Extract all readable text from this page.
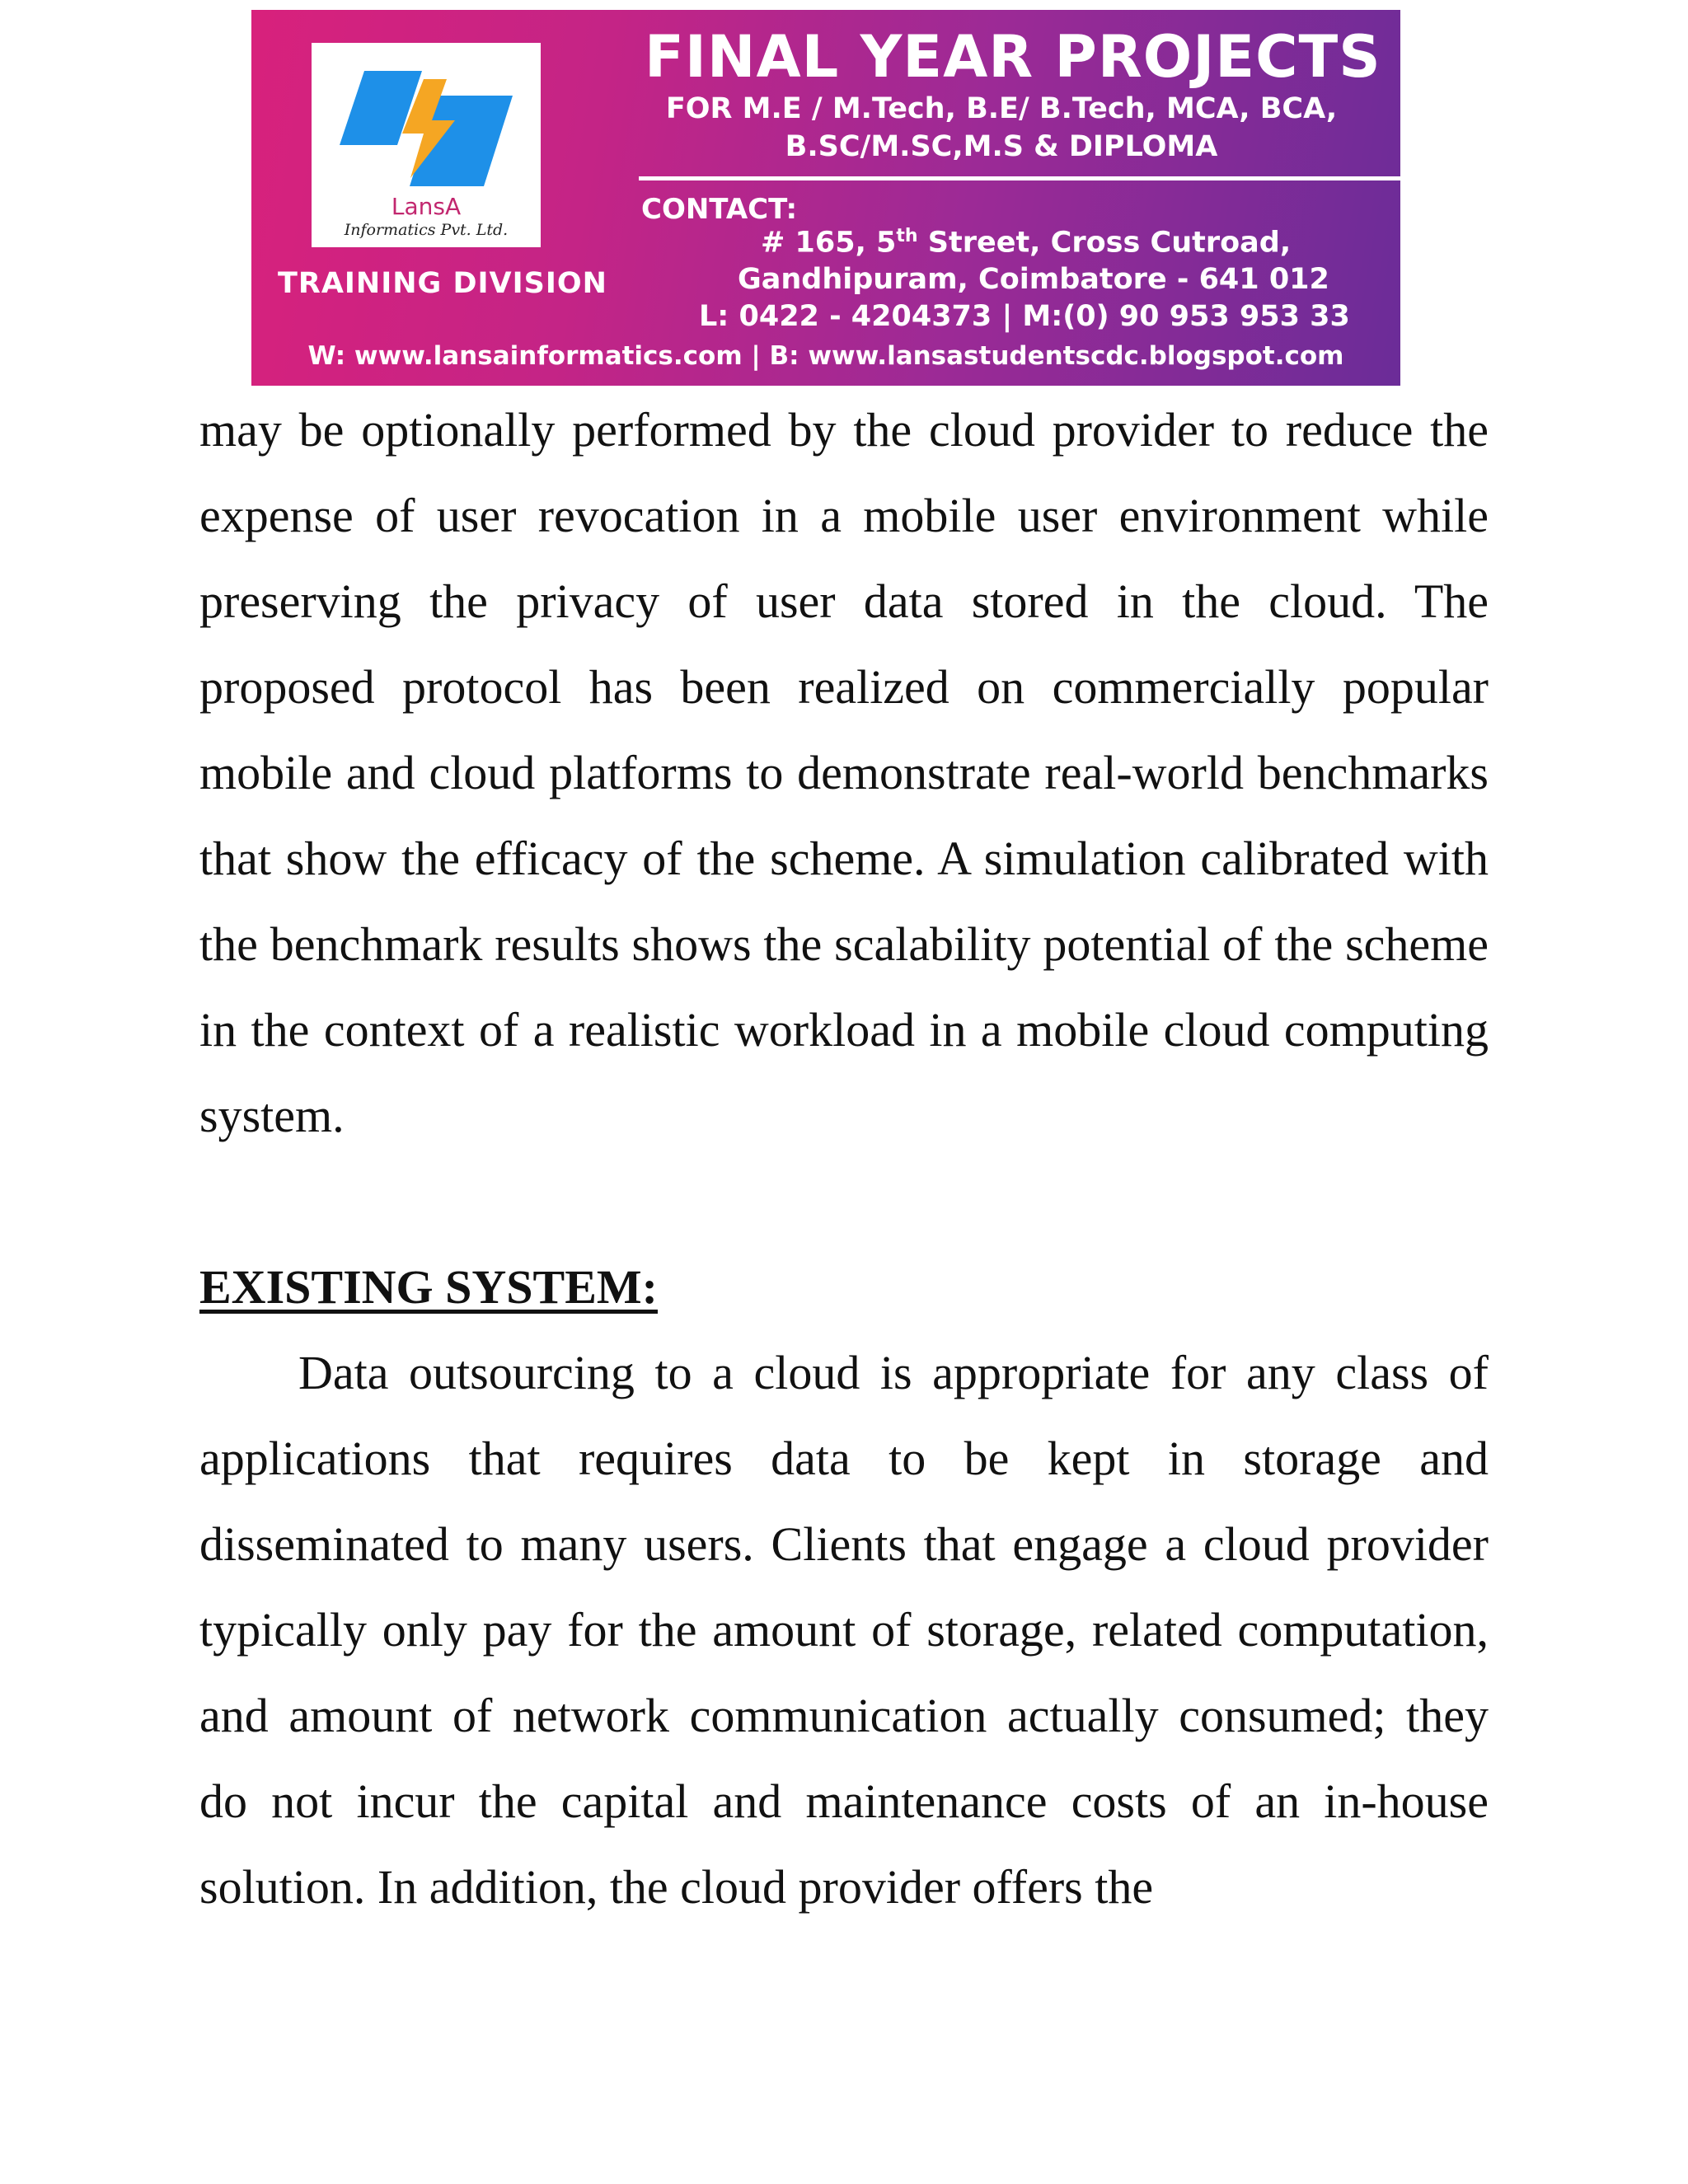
LansA
Informatics Pvt. Ltd.
TRAINING DIVISION
FINAL YEAR PROJECTS
FOR M.E / M.Tech, B.E/ B.Tech, MCA, BCA,
B.SC/M.SC,M.S & DIPLOMA
CONTACT:
# 165, 5th Street, Cross Cutroad,
Gandhipuram, Coimbatore - 641 012
L: 0422 - 4204373 | M:(0) 90 953 953 33
W: www.lansainformatics.com | B: www.lansastudentscdc.blogspot.com

may be optionally performed by the cloud provider to reduce the expense of user revocation in a mobile user environment while preserving the privacy of user data stored in the cloud. The proposed protocol has been realized on commercially popular mobile and cloud platforms to demonstrate real-world benchmarks that show the efficacy of the scheme. A simulation calibrated with the benchmark results shows the scalability potential of the scheme in the context of a realistic workload in a mobile cloud computing system.

EXISTING SYSTEM:

Data outsourcing to a cloud is appropriate for any class of applications that requires data to be kept in storage and disseminated to many users. Clients that engage a cloud provider typically only pay for the amount of storage, related computation, and amount of network communication actually consumed; they do not incur the capital and maintenance costs of an in-house solution. In addition, the cloud provider offers the
